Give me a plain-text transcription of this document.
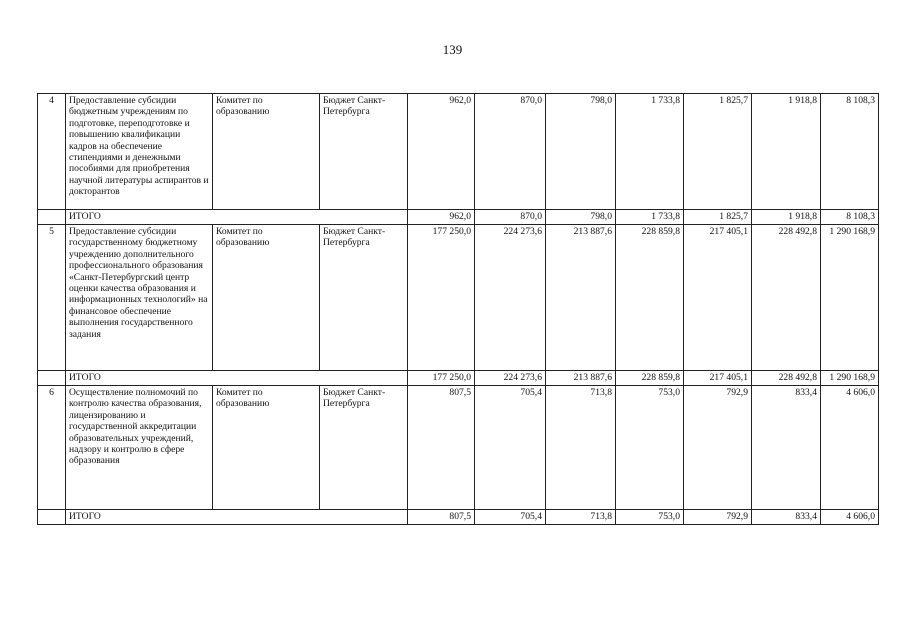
139
4	Предоставление субсидии бюджетным учреждениям по подготовке, переподготовке и повышению квалификации кадров на обеспечение стипендиями и денежными пособиями для приобретения научной литературы аспирантов и докторантов	Комитет по образованию	Бюджет Санкт-Петербурга	962,0	870,0	798,0	1 733,8	1 825,7	1 918,8	8 108,3
	ИТОГО			962,0	870,0	798,0	1 733,8	1 825,7	1 918,8	8 108,3
5	Предоставление субсидии государственному бюджетному учреждению дополнительного профессионального образования «Санкт-Петербургский центр оценки качества образования и информационных технологий» на финансовое обеспечение выполнения государственного задания	Комитет по образованию	Бюджет Санкт-Петербурга	177 250,0	224 273,6	213 887,6	228 859,8	217 405,1	228 492,8	1 290 168,9
	ИТОГО			177 250,0	224 273,6	213 887,6	228 859,8	217 405,1	228 492,8	1 290 168,9
6	Осуществление полномочий по контролю качества образования, лицензированию и государственной аккредитации образовательных учреждений, надзору и контролю в сфере образования	Комитет по образованию	Бюджет Санкт-Петербурга	807,5	705,4	713,8	753,0	792,9	833,4	4 606,0
	ИТОГО			807,5	705,4	713,8	753,0	792,9	833,4	4 606,0
